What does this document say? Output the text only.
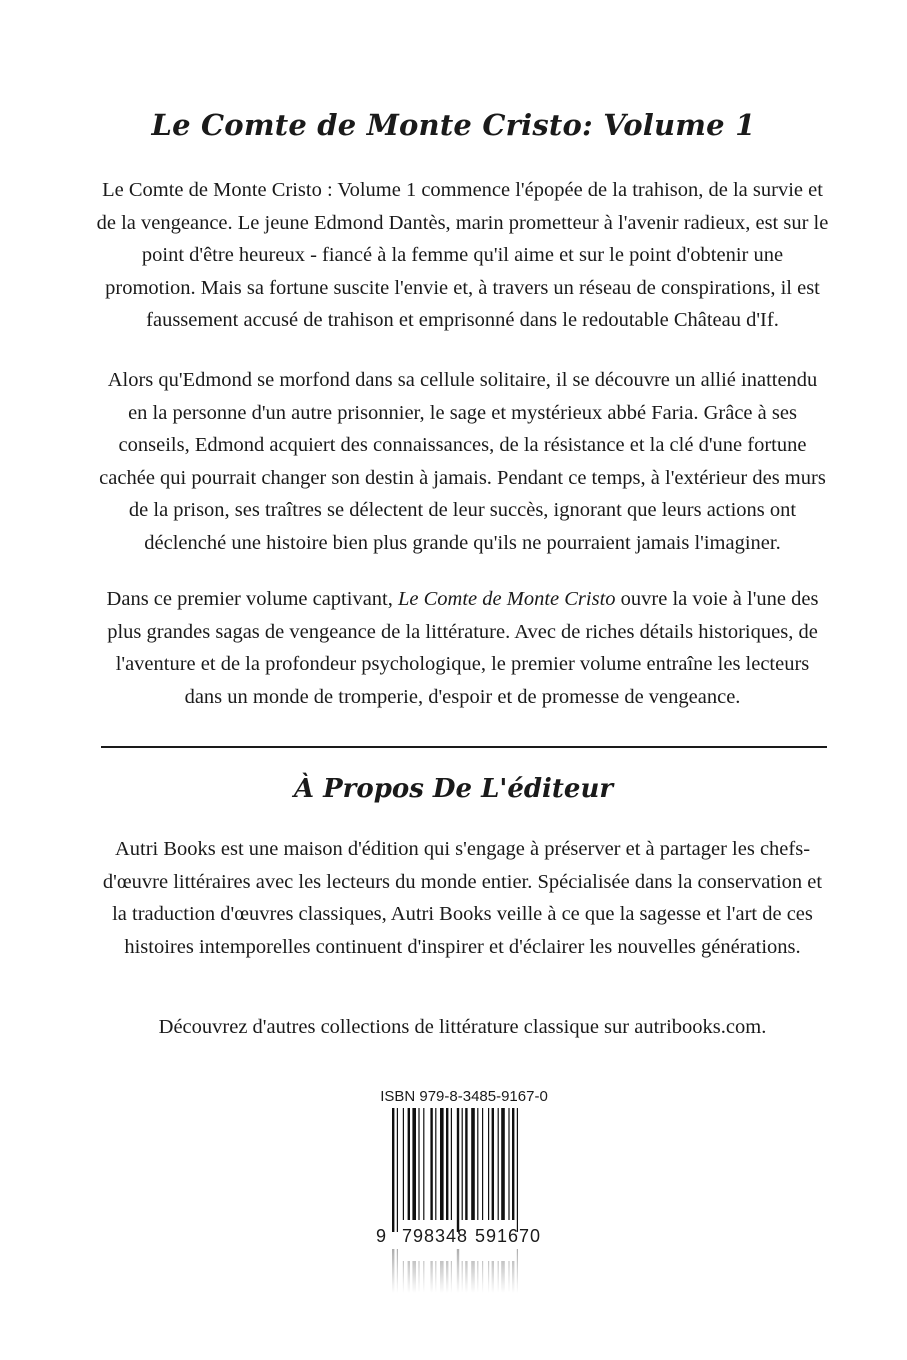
Le Comte de Monte Cristo: Volume 1
Le Comte de Monte Cristo : Volume 1 commence l'épopée de la trahison, de la survie et de la vengeance. Le jeune Edmond Dantès, marin prometteur à l'avenir radieux, est sur le point d'être heureux - fiancé à la femme qu'il aime et sur le point d'obtenir une promotion. Mais sa fortune suscite l'envie et, à travers un réseau de conspirations, il est faussement accusé de trahison et emprisonné dans le redoutable Château d'If.
Alors qu'Edmond se morfond dans sa cellule solitaire, il se découvre un allié inattendu en la personne d'un autre prisonnier, le sage et mystérieux abbé Faria. Grâce à ses conseils, Edmond acquiert des connaissances, de la résistance et la clé d'une fortune cachée qui pourrait changer son destin à jamais. Pendant ce temps, à l'extérieur des murs de la prison, ses traîtres se délectent de leur succès, ignorant que leurs actions ont déclenché une histoire bien plus grande qu'ils ne pourraient jamais l'imaginer.
Dans ce premier volume captivant, Le Comte de Monte Cristo ouvre la voie à l'une des plus grandes sagas de vengeance de la littérature. Avec de riches détails historiques, de l'aventure et de la profondeur psychologique, le premier volume entraîne les lecteurs dans un monde de tromperie, d'espoir et de promesse de vengeance.
À Propos De L'éditeur
Autri Books est une maison d'édition qui s'engage à préserver et à partager les chefs-d'œuvre littéraires avec les lecteurs du monde entier. Spécialisée dans la conservation et la traduction d'œuvres classiques, Autri Books veille à ce que la sagesse et l'art de ces histoires intemporelles continuent d'inspirer et d'éclairer les nouvelles générations.
Découvrez d'autres collections de littérature classique sur autribooks.com.
ISBN 979-8-3485-9167-0
9 798348 591670
